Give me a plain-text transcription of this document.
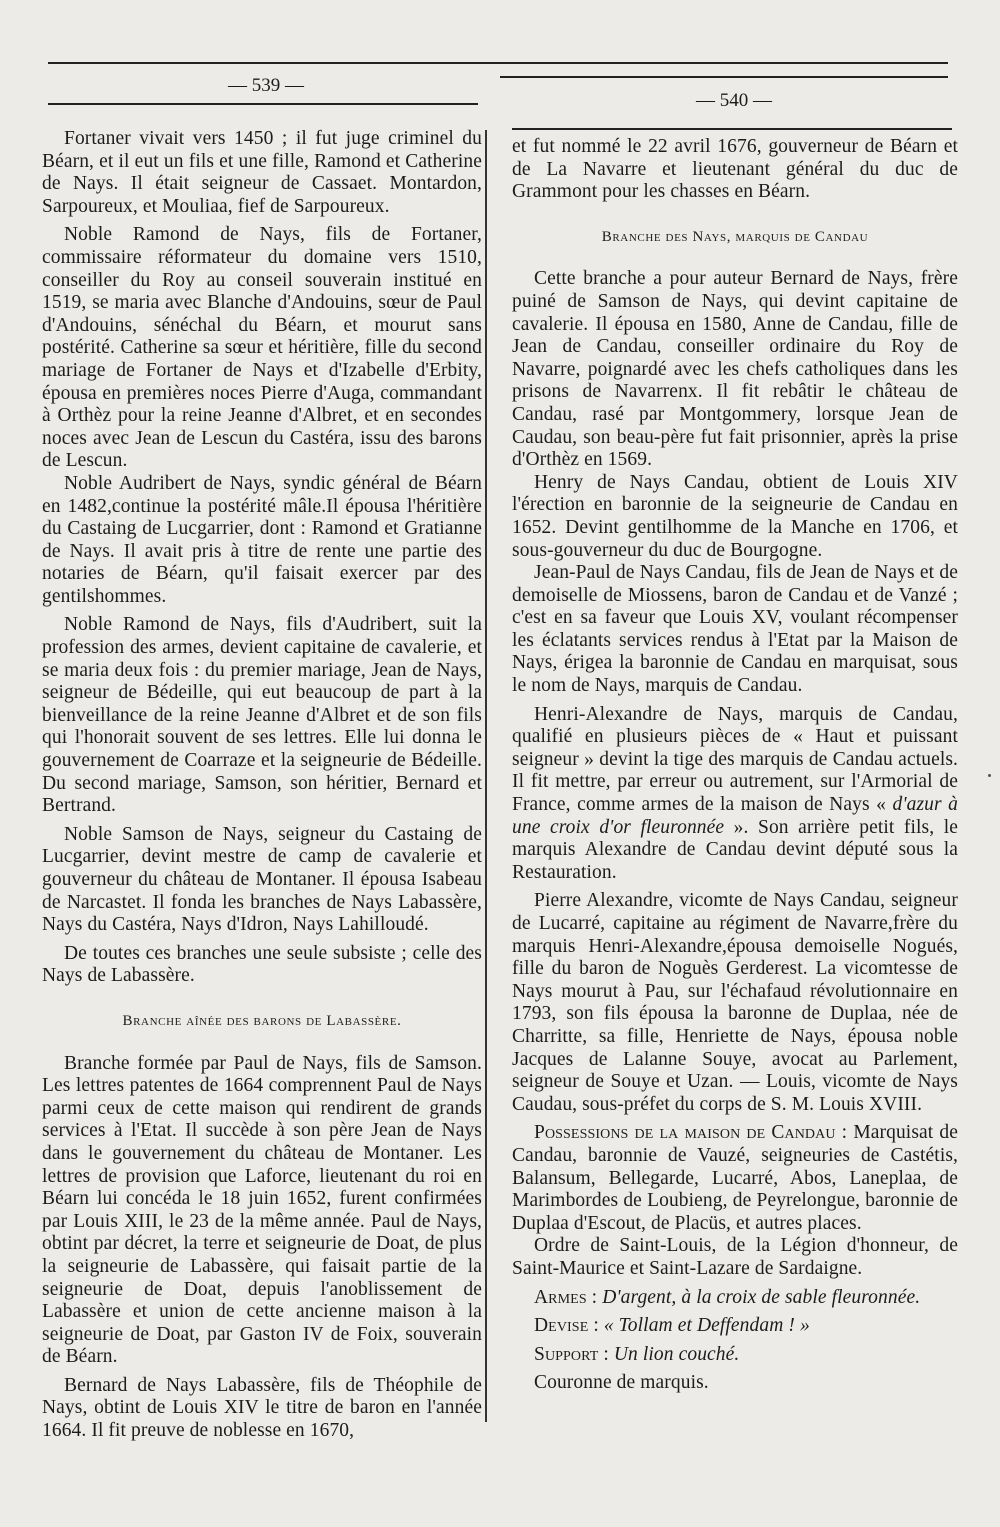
— 539 —
— 540 —

Fortaner vivait vers 1450 ; il fut juge criminel du Béarn, et il eut un fils et une fille, Ramond et Catherine de Nays. Il était seigneur de Cassaet. Montardon, Sarpoureux, et Mouliaa, fief de Sarpoureux.

Noble Ramond de Nays, fils de Fortaner, commissaire réformateur du domaine vers 1510, conseiller du Roy au conseil souverain institué en 1519, se maria avec Blanche d'Andouins, sœur de Paul d'Andouins, sénéchal du Béarn, et mourut sans postérité. Catherine sa sœur et héritière, fille du second mariage de Fortaner de Nays et d'Izabelle d'Erbity, épousa en premières noces Pierre d'Auga, commandant à Orthèz pour la reine Jeanne d'Albret, et en secondes noces avec Jean de Lescun du Castéra, issu des barons de Lescun.

Noble Audribert de Nays, syndic général de Béarn en 1482,continue la postérité mâle.Il épousa l'héritière du Castaing de Lucgarrier, dont : Ramond et Gratianne de Nays. Il avait pris à titre de rente une partie des notaries de Béarn, qu'il faisait exercer par des gentilshommes.

Noble Ramond de Nays, fils d'Audribert, suit la profession des armes, devient capitaine de cavalerie, et se maria deux fois : du premier mariage, Jean de Nays, seigneur de Bédeille, qui eut beaucoup de part à la bienveillance de la reine Jeanne d'Albret et de son fils qui l'honorait souvent de ses lettres. Elle lui donna le gouvernement de Coarraze et la seigneurie de Bédeille. Du second mariage, Samson, son héritier, Bernard et Bertrand.

Noble Samson de Nays, seigneur du Castaing de Lucgarrier, devint mestre de camp de cavalerie et gouverneur du château de Montaner. Il épousa Isabeau de Narcastet. Il fonda les branches de Nays Labassère, Nays du Castéra, Nays d'Idron, Nays Lahilloudé.

De toutes ces branches une seule subsiste ; celle des Nays de Labassère.

Branche aînée des barons de Labassère.

Branche formée par Paul de Nays, fils de Samson. Les lettres patentes de 1664 comprennent Paul de Nays parmi ceux de cette maison qui rendirent de grands services à l'Etat. Il succède à son père Jean de Nays dans le gouvernement du château de Montaner. Les lettres de provision que Laforce, lieutenant du roi en Béarn lui concéda le 18 juin 1652, furent confirmées par Louis XIII, le 23 de la même année. Paul de Nays, obtint par décret, la terre et seigneurie de Doat, de plus la seigneurie de Labassère, qui faisait partie de la seigneurie de Doat, depuis l'anoblissement de Labassère et union de cette ancienne maison à la seigneurie de Doat, par Gaston IV de Foix, souverain de Béarn.

Bernard de Nays Labassère, fils de Théophile de Nays, obtint de Louis XIV le titre de baron en l'année 1664. Il fit preuve de noblesse en 1670,

et fut nommé le 22 avril 1676, gouverneur de Béarn et de La Navarre et lieutenant général du duc de Grammont pour les chasses en Béarn.

Branche des Nays, marquis de Candau

Cette branche a pour auteur Bernard de Nays, frère puiné de Samson de Nays, qui devint capitaine de cavalerie. Il épousa en 1580, Anne de Candau, fille de Jean de Candau, conseiller ordinaire du Roy de Navarre, poignardé avec les chefs catholiques dans les prisons de Navarrenx. Il fit rebâtir le château de Candau, rasé par Montgommery, lorsque Jean de Caudau, son beau-père fut fait prisonnier, après la prise d'Orthèz en 1569.

Henry de Nays Candau, obtient de Louis XIV l'érection en baronnie de la seigneurie de Candau en 1652. Devint gentilhomme de la Manche en 1706, et sous-gouverneur du duc de Bourgogne.

Jean-Paul de Nays Candau, fils de Jean de Nays et de demoiselle de Miossens, baron de Candau et de Vanzé ; c'est en sa faveur que Louis XV, voulant récompenser les éclatants services rendus à l'Etat par la Maison de Nays, érigea la baronnie de Candau en marquisat, sous le nom de Nays, marquis de Candau.

Henri-Alexandre de Nays, marquis de Candau, qualifié en plusieurs pièces de « Haut et puissant seigneur » devint la tige des marquis de Candau actuels. Il fit mettre, par erreur ou autrement, sur l'Armorial de France, comme armes de la maison de Nays « d'azur à une croix d'or fleuronnée ». Son arrière petit fils, le marquis Alexandre de Candau devint député sous la Restauration.

Pierre Alexandre, vicomte de Nays Candau, seigneur de Lucarré, capitaine au régiment de Navarre,frère du marquis Henri-Alexandre,épousa demoiselle Nogués, fille du baron de Noguès Gerderest. La vicomtesse de Nays mourut à Pau, sur l'échafaud révolutionnaire en 1793, son fils épousa la baronne de Duplaa, née de Charritte, sa fille, Henriette de Nays, épousa noble Jacques de Lalanne Souye, avocat au Parlement, seigneur de Souye et Uzan. — Louis, vicomte de Nays Caudau, sous-préfet du corps de S. M. Louis XVIII.

Possessions de la maison de Candau : Marquisat de Candau, baronnie de Vauzé, seigneuries de Castétis, Balansum, Bellegarde, Lucarré, Abos, Laneplaa, de Marimbordes de Loubieng, de Peyrelongue, baronnie de Duplaa d'Escout, de Placüs, et autres places.

Ordre de Saint-Louis, de la Légion d'honneur, de Saint-Maurice et Saint-Lazare de Sardaigne.

Armes : D'argent, à la croix de sable fleuronnée.

Devise : « Tollam et Deffendam ! »

Support : Un lion couché.

Couronne de marquis.
